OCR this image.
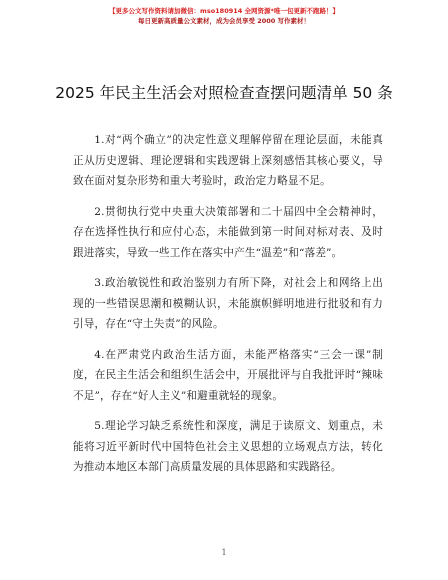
【更多公文写作资料请加微信：mso180914 全网资源*唯一包更新不跑路！】
每日更新高质量公文素材，成为会员享受 2000 写作素材！
2025 年民主生活会对照检查查摆问题清单 50 条

1.对“两个确立”的决定性意义理解停留在理论层面，未能真正从历史逻辑、理论逻辑和实践逻辑上深刻感悟其核心要义，导致在面对复杂形势和重大考验时，政治定力略显不足。

2.贯彻执行党中央重大决策部署和二十届四中全会精神时，存在选择性执行和应付心态，未能做到第一时间对标对表、及时跟进落实，导致一些工作在落实中产生“温差”和“落差”。

3.政治敏锐性和政治鉴别力有所下降，对社会上和网络上出现的一些错误思潮和模糊认识，未能旗帜鲜明地进行批驳和有力引导，存在“守土失责”的风险。

4.在严肃党内政治生活方面，未能严格落实“三会一课”制度，在民主生活会和组织生活会中，开展批评与自我批评时“辣味不足”，存在“好人主义”和避重就轻的现象。

5.理论学习缺乏系统性和深度，满足于读原文、划重点，未能将习近平新时代中国特色社会主义思想的立场观点方法，转化为推动本地区本部门高质量发展的具体思路和实践路径。

1
